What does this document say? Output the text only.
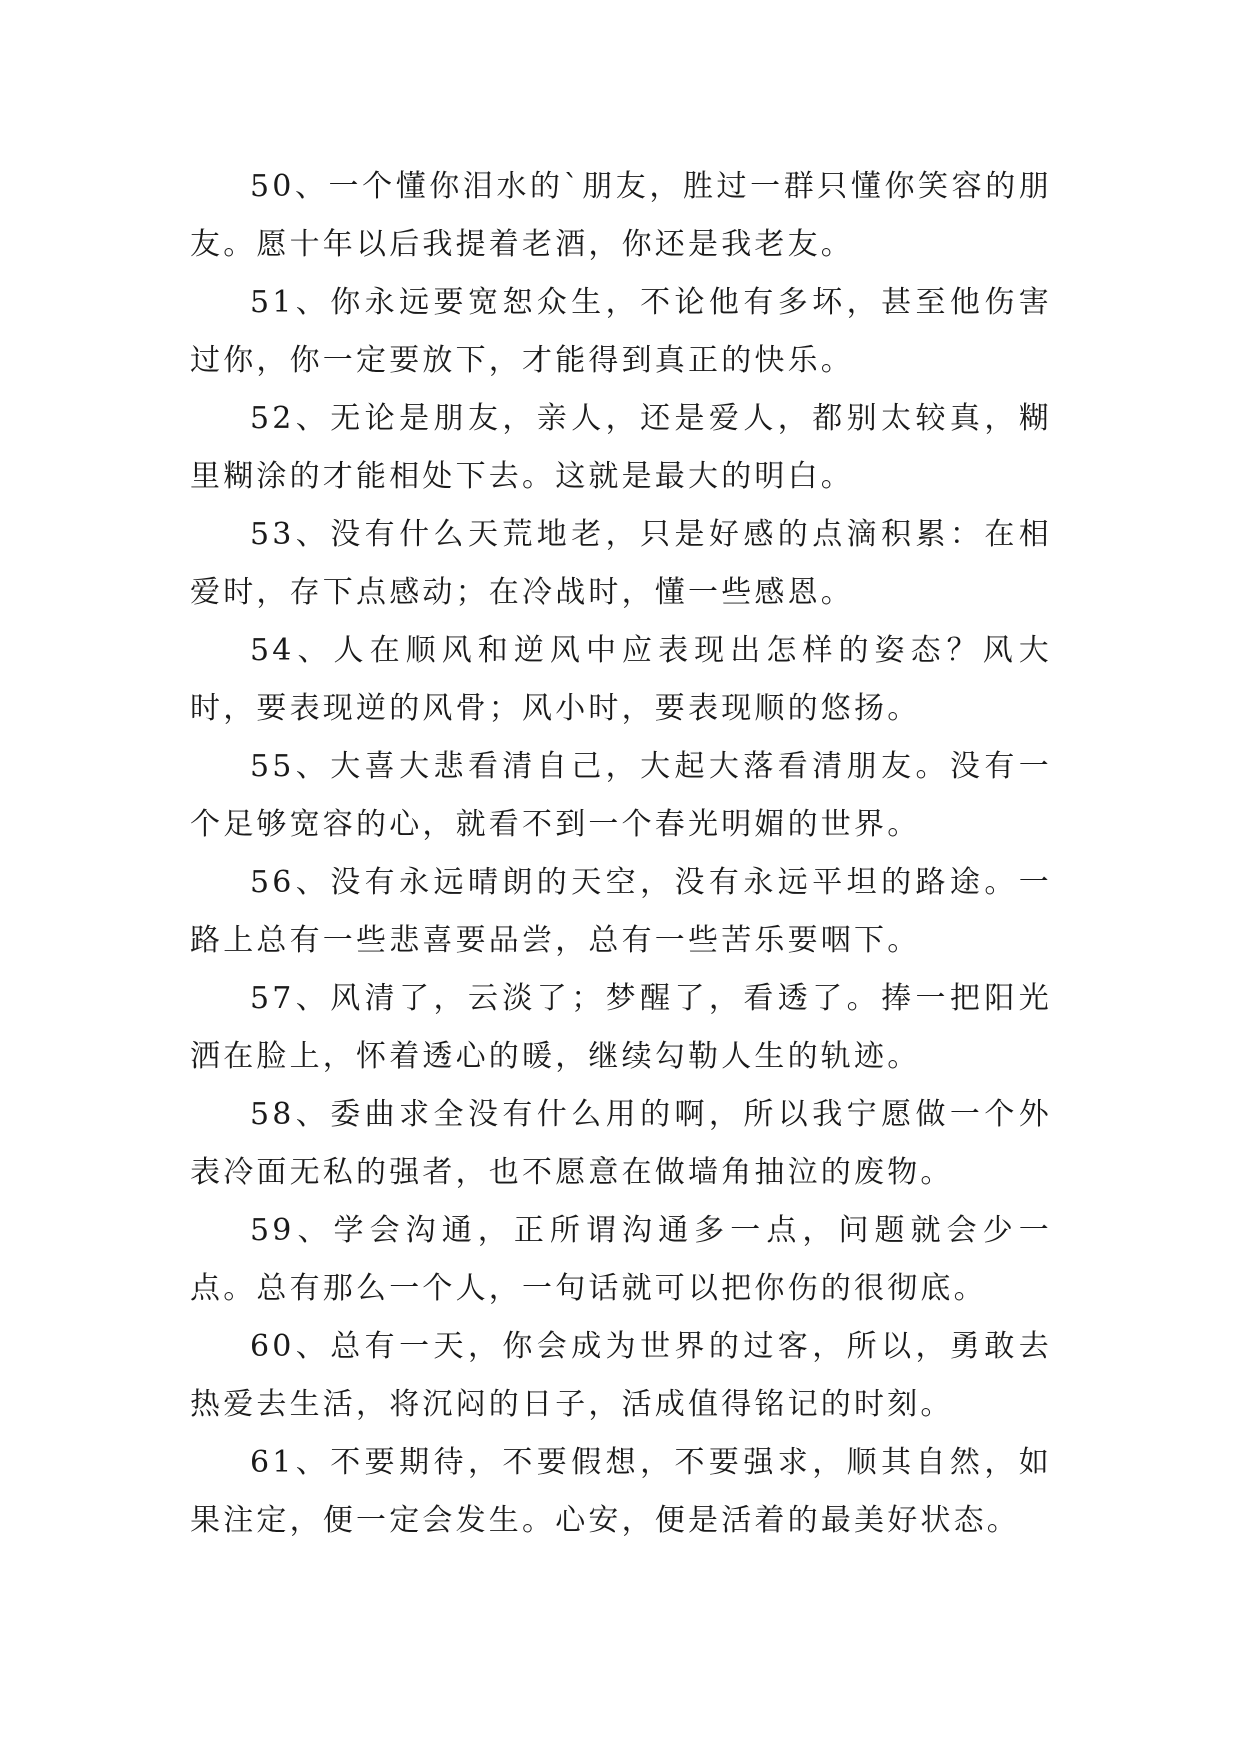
50、一个懂你泪水的`朋友，胜过一群只懂你笑容的朋友。愿十年以后我提着老酒，你还是我老友。

51、你永远要宽恕众生，不论他有多坏，甚至他伤害过你，你一定要放下，才能得到真正的快乐。

52、无论是朋友，亲人，还是爱人，都别太较真，糊里糊涂的才能相处下去。这就是最大的明白。

53、没有什么天荒地老，只是好感的点滴积累：在相爱时，存下点感动；在冷战时，懂一些感恩。

54、人在顺风和逆风中应表现出怎样的姿态？风大时，要表现逆的风骨；风小时，要表现顺的悠扬。

55、大喜大悲看清自己，大起大落看清朋友。没有一个足够宽容的心，就看不到一个春光明媚的世界。

56、没有永远晴朗的天空，没有永远平坦的路途。一路上总有一些悲喜要品尝，总有一些苦乐要咽下。

57、风清了，云淡了；梦醒了，看透了。捧一把阳光洒在脸上，怀着透心的暖，继续勾勒人生的轨迹。

58、委曲求全没有什么用的啊，所以我宁愿做一个外表冷面无私的强者，也不愿意在做墙角抽泣的废物。

59、学会沟通，正所谓沟通多一点，问题就会少一点。总有那么一个人，一句话就可以把你伤的很彻底。

60、总有一天，你会成为世界的过客，所以，勇敢去热爱去生活，将沉闷的日子，活成值得铭记的时刻。

61、不要期待，不要假想，不要强求，顺其自然，如果注定，便一定会发生。心安，便是活着的最美好状态。
